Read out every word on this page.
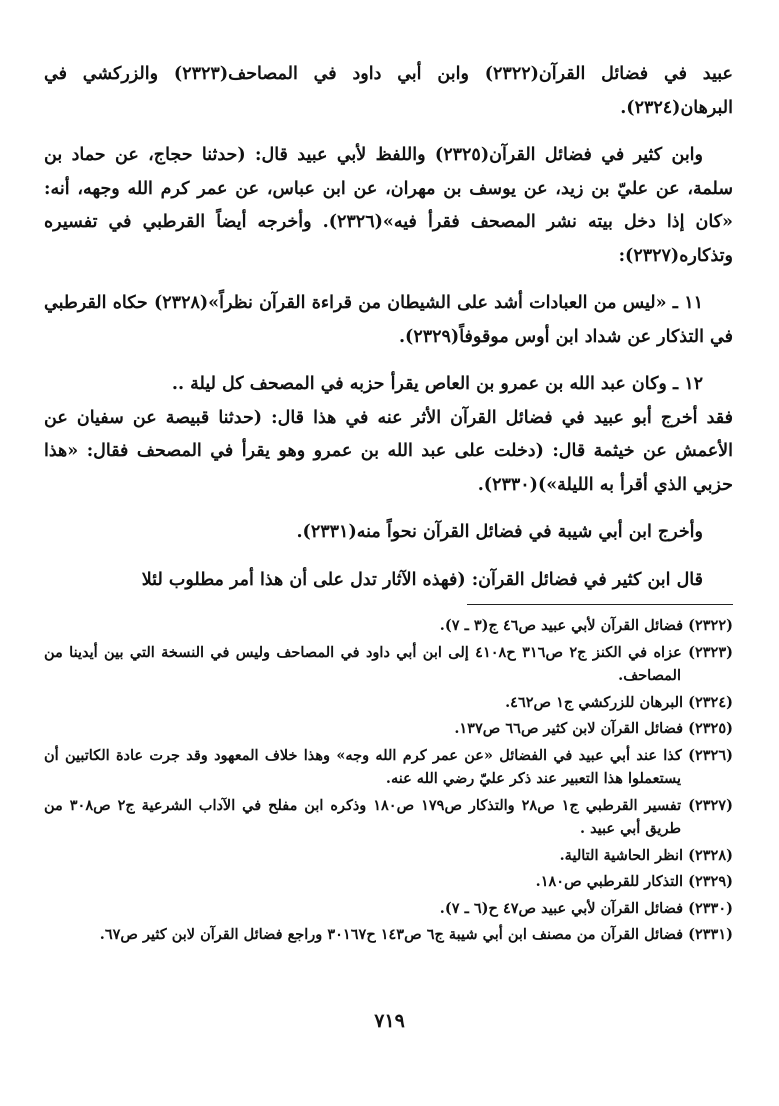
عبيد في فضائل القرآن(٢٣٢٢) وابن أبي داود في المصاحف(٢٣٢٣) والزركشي في البرهان(٢٣٢٤).

وابن كثير في فضائل القرآن(٢٣٢٥) واللفظ لأبي عبيد قال: (حدثنا حجاج، عن حماد بن سلمة، عن عليّ بن زيد، عن يوسف بن مهران، عن ابن عباس، عن عمر كرم الله وجهه، أنه: «كان إذا دخل بيته نشر المصحف فقرأ فيه»(٢٣٢٦). وأخرجه أيضاً القرطبي في تفسيره وتذكاره(٢٣٢٧):

١١ ـ «ليس من العبادات أشد على الشيطان من قراءة القرآن نظراً»(٢٣٢٨) حكاه القرطبي في التذكار عن شداد ابن أوس موقوفاً(٢٣٢٩).

١٢ ـ وكان عبد الله بن عمرو بن العاص يقرأ حزبه في المصحف كل ليلة ..

فقد أخرج أبو عبيد في فضائل القرآن الأثر عنه في هذا قال: (حدثنا قبيصة عن سفيان عن الأعمش عن خيثمة قال: (دخلت على عبد الله بن عمرو وهو يقرأ في المصحف فقال: «هذا حزبي الذي أقرأ به الليلة»)(٢٣٣٠).

وأخرج ابن أبي شيبة في فضائل القرآن نحواً منه(٢٣٣١).

قال ابن كثير في فضائل القرآن: (فهذه الآثار تدل على أن هذا أمر مطلوب لئلا

(٢٣٢٢) فضائل القرآن لأبي عبيد ص٤٦ ج(٣ ـ ٧).
(٢٣٢٣) عزاه في الكنز ج٢ ص٣١٦ ح٤١٠٨ إلى ابن أبي داود في المصاحف وليس في النسخة التي بين أيدينا من المصاحف.
(٢٣٢٤) البرهان للزركشي ج١ ص٤٦٢.
(٢٣٢٥) فضائل القرآن لابن كثير ص٦٦ ص١٣٧.
(٢٣٢٦) كذا عند أبي عبيد في الفضائل «عن عمر كرم الله وجه» وهذا خلاف المعهود وقد جرت عادة الكاتبين أن يستعملوا هذا التعبير عند ذكر عليّ رضي الله عنه.
(٢٣٢٧) تفسير القرطبي ج١ ص٢٨ والتذكار ص١٧٩ ص١٨٠ وذكره ابن مفلح في الآداب الشرعية ج٢ ص٣٠٨ من طريق أبي عبيد .
(٢٣٢٨) انظر الحاشية التالية.
(٢٣٢٩) التذكار للقرطبي ص١٨٠.
(٢٣٣٠) فضائل القرآن لأبي عبيد ص٤٧ ح(٦ ـ ٧).
(٢٣٣١) فضائل القرآن من مصنف ابن أبي شيبة ج٦ ص١٤٣ ح٣٠١٦٧ وراجع فضائل القرآن لابن كثير ص٦٧.
٧١٩
